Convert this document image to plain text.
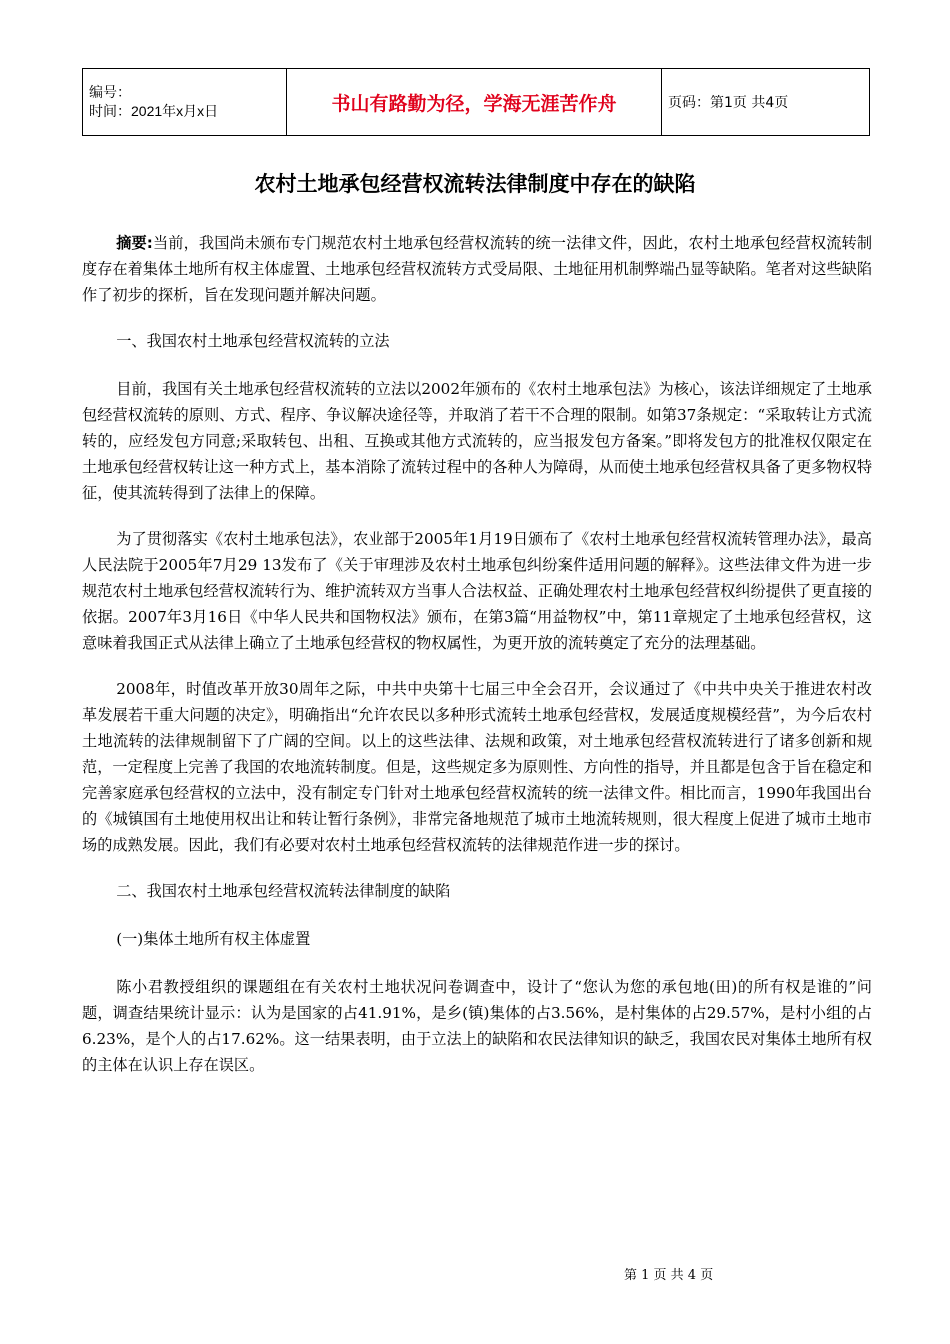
编号：
时间：2021年x月x日	书山有路勤为径，学海无涯苦作舟	页码：第1页 共4页
农村土地承包经营权流转法律制度中存在的缺陷

摘要:当前，我国尚未颁布专门规范农村土地承包经营权流转的统一法律文件，因此，农村土地承包经营权流转制度存在着集体土地所有权主体虚置、土地承包经营权流转方式受局限、土地征用机制弊端凸显等缺陷。笔者对这些缺陷作了初步的探析，旨在发现问题并解决问题。

一、我国农村土地承包经营权流转的立法

目前，我国有关土地承包经营权流转的立法以2002年颁布的《农村土地承包法》为核心，该法详细规定了土地承包经营权流转的原则、方式、程序、争议解决途径等，并取消了若干不合理的限制。如第37条规定：“采取转让方式流转的，应经发包方同意;采取转包、出租、互换或其他方式流转的，应当报发包方备案。”即将发包方的批准权仅限定在土地承包经营权转让这一种方式上，基本消除了流转过程中的各种人为障碍，从而使土地承包经营权具备了更多物权特征，使其流转得到了法律上的保障。

为了贯彻落实《农村土地承包法》，农业部于2005年1月19日颁布了《农村土地承包经营权流转管理办法》，最高人民法院于2005年7月29 13发布了《关于审理涉及农村土地承包纠纷案件适用问题的解释》。这些法律文件为进一步规范农村土地承包经营权流转行为、维护流转双方当事人合法权益、正确处理农村土地承包经营权纠纷提供了更直接的依据。2007年3月16日《中华人民共和国物权法》颁布，在第3篇“用益物权”中，第11章规定了土地承包经营权，这意味着我国正式从法律上确立了土地承包经营权的物权属性，为更开放的流转奠定了充分的法理基础。

2008年，时值改革开放30周年之际，中共中央第十七届三中全会召开，会议通过了《中共中央关于推进农村改革发展若干重大问题的决定》，明确指出“允许农民以多种形式流转土地承包经营权，发展适度规模经营”，为今后农村土地流转的法律规制留下了广阔的空间。以上的这些法律、法规和政策，对土地承包经营权流转进行了诸多创新和规范，一定程度上完善了我国的农地流转制度。但是，这些规定多为原则性、方向性的指导，并且都是包含于旨在稳定和完善家庭承包经营权的立法中，没有制定专门针对土地承包经营权流转的统一法律文件。相比而言，1990年我国出台的《城镇国有土地使用权出让和转让暂行条例》，非常完备地规范了城市土地流转规则，很大程度上促进了城市土地市场的成熟发展。因此，我们有必要对农村土地承包经营权流转的法律规范作进一步的探讨。

二、我国农村土地承包经营权流转法律制度的缺陷

(一)集体土地所有权主体虚置

陈小君教授组织的课题组在有关农村土地状况问卷调查中，设计了“您认为您的承包地(田)的所有权是谁的”问题，调查结果统计显示：认为是国家的占41.91%，是乡(镇)集体的占3.56%，是村集体的占29.57%，是村小组的占6.23%，是个人的占17.62%。这一结果表明，由于立法上的缺陷和农民法律知识的缺乏，我国农民对集体土地所有权的主体在认识上存在误区。

第 1 页 共 4 页
